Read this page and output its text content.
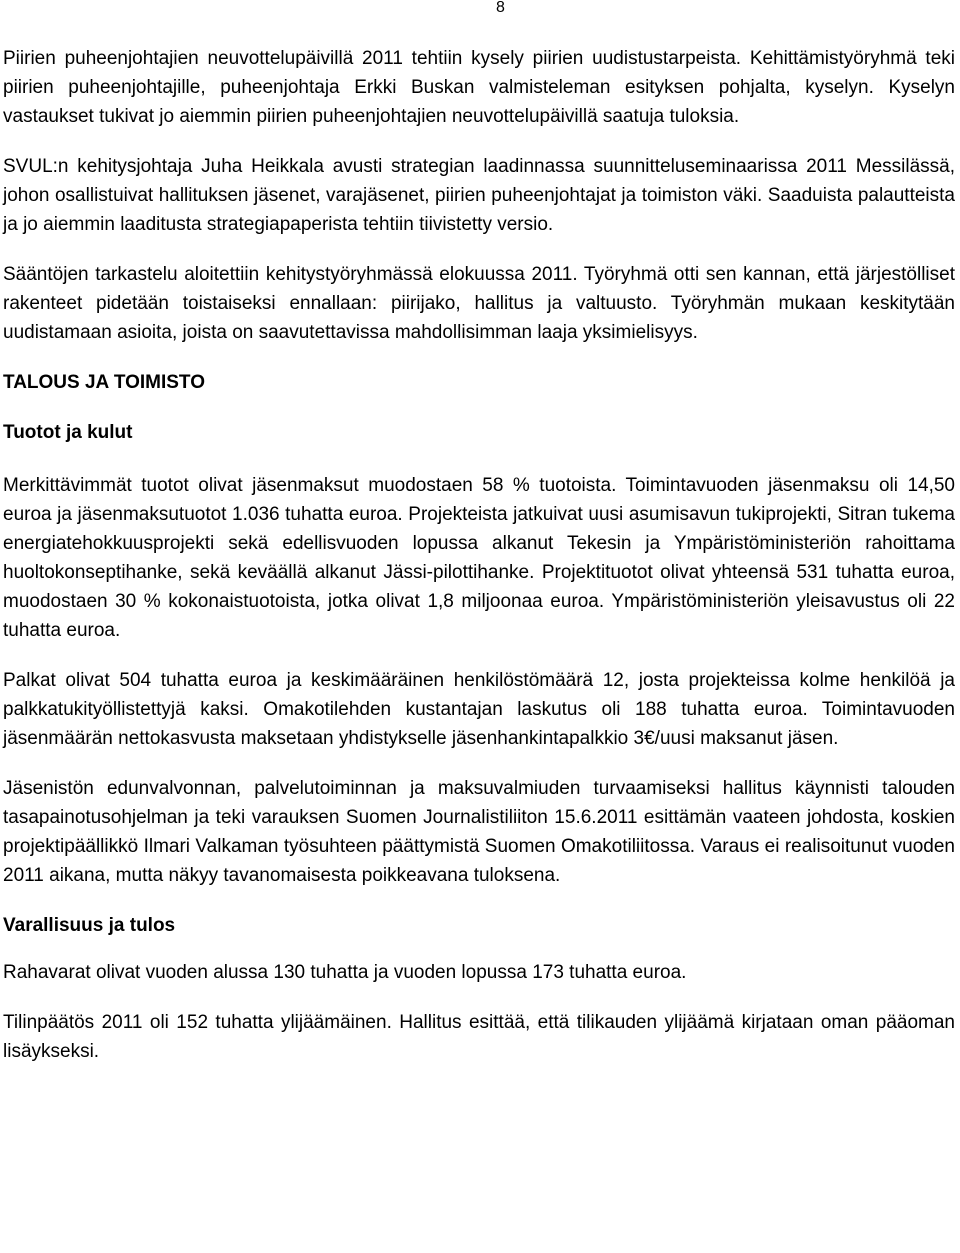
8

Piirien puheenjohtajien neuvottelupäivillä 2011 tehtiin kysely piirien uudistustarpeista. Kehittämistyöryhmä teki piirien puheenjohtajille, puheenjohtaja Erkki Buskan valmisteleman esityksen pohjalta, kyselyn. Kyselyn vastaukset tukivat jo aiemmin piirien puheenjohtajien neuvottelupäivillä saatuja tuloksia.

SVUL:n kehitysjohtaja Juha Heikkala avusti strategian laadinnassa suunnitteluseminaarissa 2011 Messilässä, johon osallistuivat hallituksen jäsenet, varajäsenet, piirien puheenjohtajat ja toimiston väki. Saaduista palautteista ja jo aiemmin laaditusta strategiapaperista tehtiin tiivistetty versio.

Sääntöjen tarkastelu aloitettiin kehitystyöryhmässä elokuussa 2011. Työryhmä otti sen kannan, että järjestölliset rakenteet pidetään toistaiseksi ennallaan: piirijako, hallitus ja valtuusto. Työryhmän mukaan keskitytään uudistamaan asioita, joista on saavutettavissa mahdollisimman laaja yksimielisyys.

TALOUS JA TOIMISTO
Tuotot ja kulut

Merkittävimmät tuotot olivat jäsenmaksut muodostaen 58 % tuotoista. Toimintavuoden jäsenmaksu oli 14,50 euroa ja jäsenmaksutuotot 1.036 tuhatta euroa. Projekteista jatkuivat uusi asumisavun tukiprojekti, Sitran tukema energiatehokkuusprojekti sekä edellisvuoden lopussa alkanut Tekesin ja Ympäristöministeriön rahoittama huoltokonseptihanke, sekä keväällä alkanut Jässi-pilottihanke. Projektituotot olivat yhteensä 531 tuhatta euroa, muodostaen 30 % kokonaistuotoista, jotka olivat 1,8 miljoonaa euroa. Ympäristöministeriön yleisavustus oli 22 tuhatta euroa.

Palkat olivat 504 tuhatta euroa ja keskimääräinen henkilöstömäärä 12, josta projekteissa kolme henkilöä ja palkkatukityöllistettyjä kaksi. Omakotilehden kustantajan laskutus oli 188 tuhatta euroa. Toimintavuoden jäsenmäärän nettokasvusta maksetaan yhdistykselle jäsenhankintapalkkio 3€/uusi maksanut jäsen.

Jäsenistön edunvalvonnan, palvelutoiminnan ja maksuvalmiuden turvaamiseksi hallitus käynnisti talouden tasapainotusohjelman ja teki varauksen Suomen Journalistiliiton 15.6.2011 esittämän vaateen johdosta, koskien projektipäällikkö Ilmari Valkaman työsuhteen päättymistä Suomen Omakotiliitossa. Varaus ei realisoitunut vuoden 2011 aikana, mutta näkyy tavanomaisesta poikkeavana tuloksena.

Varallisuus ja tulos

Rahavarat olivat vuoden alussa 130 tuhatta ja vuoden lopussa 173 tuhatta euroa.

Tilinpäätös 2011 oli 152 tuhatta ylijäämäinen. Hallitus esittää, että tilikauden ylijäämä kirjataan oman pääoman lisäykseksi.
